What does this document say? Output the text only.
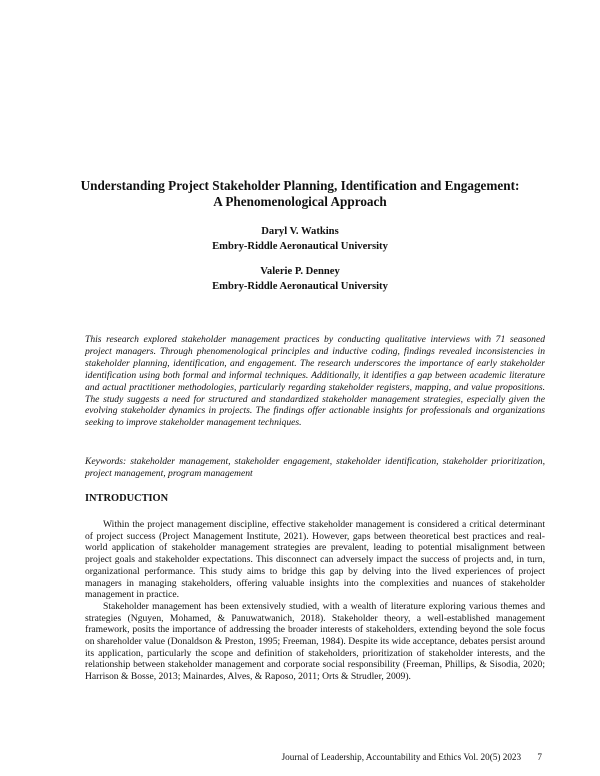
Understanding Project Stakeholder Planning, Identification and Engagement:
A Phenomenological Approach
Daryl V. Watkins
Embry-Riddle Aeronautical University
Valerie P. Denney
Embry-Riddle Aeronautical University
This research explored stakeholder management practices by conducting qualitative interviews with 71 seasoned project managers. Through phenomenological principles and inductive coding, findings revealed inconsistencies in stakeholder planning, identification, and engagement. The research underscores the importance of early stakeholder identification using both formal and informal techniques. Additionally, it identifies a gap between academic literature and actual practitioner methodologies, particularly regarding stakeholder registers, mapping, and value propositions. The study suggests a need for structured and standardized stakeholder management strategies, especially given the evolving stakeholder dynamics in projects. The findings offer actionable insights for professionals and organizations seeking to improve stakeholder management techniques.
Keywords: stakeholder management, stakeholder engagement, stakeholder identification, stakeholder prioritization, project management, program management
INTRODUCTION

Within the project management discipline, effective stakeholder management is considered a critical determinant of project success (Project Management Institute, 2021). However, gaps between theoretical best practices and real-world application of stakeholder management strategies are prevalent, leading to potential misalignment between project goals and stakeholder expectations. This disconnect can adversely impact the success of projects and, in turn, organizational performance. This study aims to bridge this gap by delving into the lived experiences of project managers in managing stakeholders, offering valuable insights into the complexities and nuances of stakeholder management in practice.

Stakeholder management has been extensively studied, with a wealth of literature exploring various themes and strategies (Nguyen, Mohamed, & Panuwatwanich, 2018). Stakeholder theory, a well-established management framework, posits the importance of addressing the broader interests of stakeholders, extending beyond the sole focus on shareholder value (Donaldson & Preston, 1995; Freeman, 1984). Despite its wide acceptance, debates persist around its application, particularly the scope and definition of stakeholders, prioritization of stakeholder interests, and the relationship between stakeholder management and corporate social responsibility (Freeman, Phillips, & Sisodia, 2020; Harrison & Bosse, 2013; Mainardes, Alves, & Raposo, 2011; Orts & Strudler, 2009).

Journal of Leadership, Accountability and Ethics Vol. 20(5) 2023 7
